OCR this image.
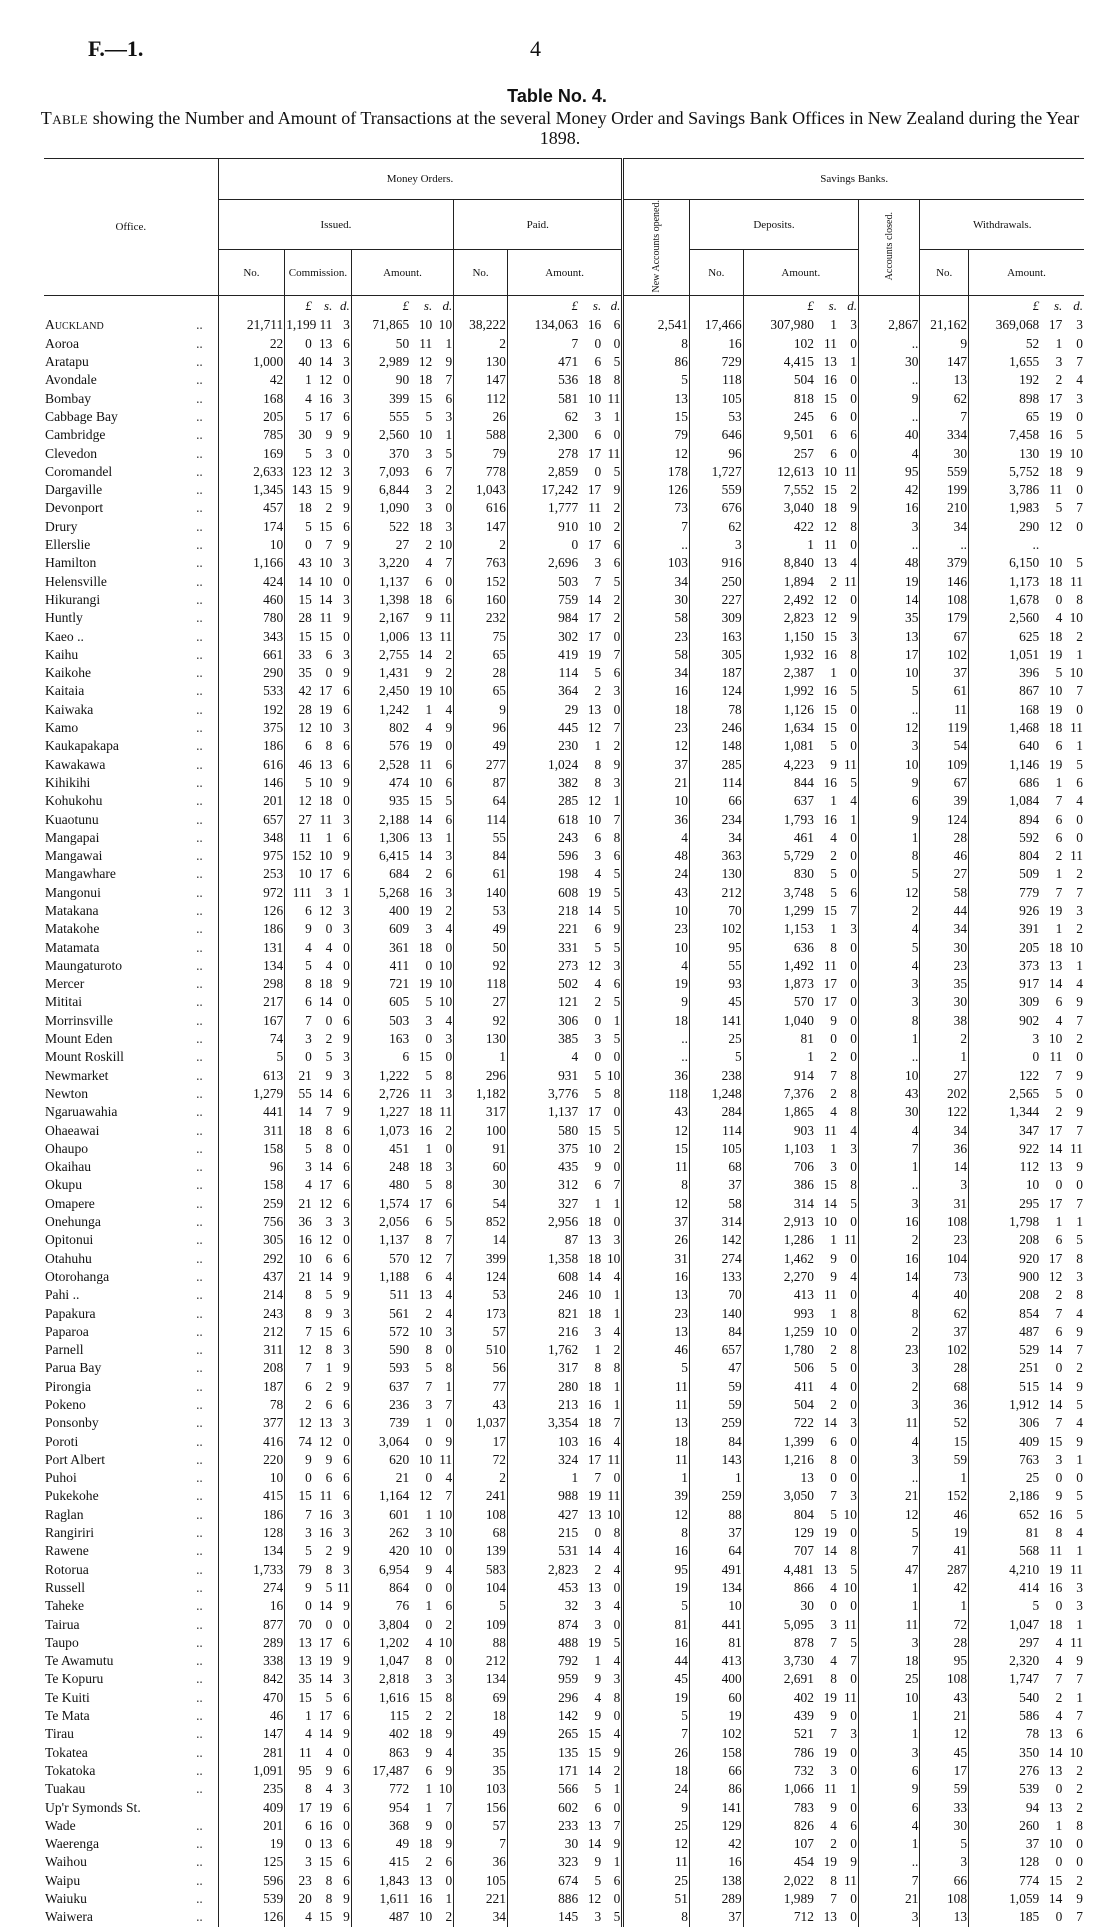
F.—1.	4
Table No. 4.
Table showing the Number and Amount of Transactions at the several Money Order and Savings Bank Offices in New Zealand during the Year 1898.
Office.		Money Orders.											Savings Banks.									
		Issued.							Paid.				New Accounts opened.	Deposits.				Accounts closed.	Withdrawals.			
		No.	Commission.			Amount.			No.	Amount.				No.	Amount.				No.	Amount.		
			£	s.	d.	£	s.	d.		£	s.	d.			£	s.	d.			£	s.	d.
Auckland	..	21,711	1,199	11	3	71,865	10	10	38,222	134,063	16	6	2,541	17,466	307,980	1	3	2,867	21,162	369,068	17	3
Aoroa	..	22	0	13	6	50	11	1	2	7	0	0	8	16	102	11	0	..	9	52	1	0
Aratapu	..	1,000	40	14	3	2,989	12	9	130	471	6	5	86	729	4,415	13	1	30	147	1,655	3	7
Avondale	..	42	1	12	0	90	18	7	147	536	18	8	5	118	504	16	0	..	13	192	2	4
Bombay	..	168	4	16	3	399	15	6	112	581	10	11	13	105	818	15	0	9	62	898	17	3
Cabbage Bay	..	205	5	17	6	555	5	3	26	62	3	1	15	53	245	6	0	..	7	65	19	0
Cambridge	..	785	30	9	9	2,560	10	1	588	2,300	6	0	79	646	9,501	6	6	40	334	7,458	16	5
Clevedon	..	169	5	3	0	370	3	5	79	278	17	11	12	96	257	6	0	4	30	130	19	10
Coromandel	..	2,633	123	12	3	7,093	6	7	778	2,859	0	5	178	1,727	12,613	10	11	95	559	5,752	18	9
Dargaville	..	1,345	143	15	9	6,844	3	2	1,043	17,242	17	9	126	559	7,552	15	2	42	199	3,786	11	0
Devonport	..	457	18	2	9	1,090	3	0	616	1,777	11	2	73	676	3,040	18	9	16	210	1,983	5	7
Drury	..	174	5	15	6	522	18	3	147	910	10	2	7	62	422	12	8	3	34	290	12	0
Ellerslie	..	10	0	7	9	27	2	10	2	0	17	6	..	3	1	11	0	..	..	..		
Hamilton	..	1,166	43	10	3	3,220	4	7	763	2,696	3	6	103	916	8,840	13	4	48	379	6,150	10	5
Helensville	..	424	14	10	0	1,137	6	0	152	503	7	5	34	250	1,894	2	11	19	146	1,173	18	11
Hikurangi	..	460	15	14	3	1,398	18	6	160	759	14	2	30	227	2,492	12	0	14	108	1,678	0	8
Huntly	..	780	28	11	9	2,167	9	11	232	984	17	2	58	309	2,823	12	9	35	179	2,560	4	10
Kaeo ..	..	343	15	15	0	1,006	13	11	75	302	17	0	23	163	1,150	15	3	13	67	625	18	2
Kaihu	..	661	33	6	3	2,755	14	2	65	419	19	7	58	305	1,932	16	8	17	102	1,051	19	1
Kaikohe	..	290	35	0	9	1,431	9	2	28	114	5	6	34	187	2,387	1	0	10	37	396	5	10
Kaitaia	..	533	42	17	6	2,450	19	10	65	364	2	3	16	124	1,992	16	5	5	61	867	10	7
Kaiwaka	..	192	28	19	6	1,242	1	4	9	29	13	0	18	78	1,126	15	0	..	11	168	19	0
Kamo	..	375	12	10	3	802	4	9	96	445	12	7	23	246	1,634	15	0	12	119	1,468	18	11
Kaukapakapa	..	186	6	8	6	576	19	0	49	230	1	2	12	148	1,081	5	0	3	54	640	6	1
Kawakawa	..	616	46	13	6	2,528	11	6	277	1,024	8	9	37	285	4,223	9	11	10	109	1,146	19	5
Kihikihi	..	146	5	10	9	474	10	6	87	382	8	3	21	114	844	16	5	9	67	686	1	6
Kohukohu	..	201	12	18	0	935	15	5	64	285	12	1	10	66	637	1	4	6	39	1,084	7	4
Kuaotunu	..	657	27	11	3	2,188	14	6	114	618	10	7	36	234	1,793	16	1	9	124	894	6	0
Mangapai	..	348	11	1	6	1,306	13	1	55	243	6	8	4	34	461	4	0	1	28	592	6	0
Mangawai	..	975	152	10	9	6,415	14	3	84	596	3	6	48	363	5,729	2	0	8	46	804	2	11
Mangawhare	..	253	10	17	6	684	2	6	61	198	4	5	24	130	830	5	0	5	27	509	1	2
Mangonui	..	972	111	3	1	5,268	16	3	140	608	19	5	43	212	3,748	5	6	12	58	779	7	7
Matakana	..	126	6	12	3	400	19	2	53	218	14	5	10	70	1,299	15	7	2	44	926	19	3
Matakohe	..	186	9	0	3	609	3	4	49	221	6	9	23	102	1,153	1	3	4	34	391	1	2
Matamata	..	131	4	4	0	361	18	0	50	331	5	5	10	95	636	8	0	5	30	205	18	10
Maungaturoto	..	134	5	4	0	411	0	10	92	273	12	3	4	55	1,492	11	0	4	23	373	13	1
Mercer	..	298	8	18	9	721	19	10	118	502	4	6	19	93	1,873	17	0	3	35	917	14	4
Mititai	..	217	6	14	0	605	5	10	27	121	2	5	9	45	570	17	0	3	30	309	6	9
Morrinsville	..	167	7	0	6	503	3	4	92	306	0	1	18	141	1,040	9	0	8	38	902	4	7
Mount Eden	..	74	3	2	9	163	0	3	130	385	3	5	..	25	81	0	0	1	2	3	10	2
Mount Roskill	..	5	0	5	3	6	15	0	1	4	0	0	..	5	1	2	0	..	1	0	11	0
Newmarket	..	613	21	9	3	1,222	5	8	296	931	5	10	36	238	914	7	8	10	27	122	7	9
Newton	..	1,279	55	14	6	2,726	11	3	1,182	3,776	5	8	118	1,248	7,376	2	8	43	202	2,565	5	0
Ngaruawahia	..	441	14	7	9	1,227	18	11	317	1,137	17	0	43	284	1,865	4	8	30	122	1,344	2	9
Ohaeawai	..	311	18	8	6	1,073	16	2	100	580	15	5	12	114	903	11	4	4	34	347	17	7
Ohaupo	..	158	5	8	0	451	1	0	91	375	10	2	15	105	1,103	1	3	7	36	922	14	11
Okaihau	..	96	3	14	6	248	18	3	60	435	9	0	11	68	706	3	0	1	14	112	13	9
Okupu	..	158	4	17	6	480	5	8	30	312	6	7	8	37	386	15	8	..	3	10	0	0
Omapere	..	259	21	12	6	1,574	17	6	54	327	1	1	12	58	314	14	5	3	31	295	17	7
Onehunga	..	756	36	3	3	2,056	6	5	852	2,956	18	0	37	314	2,913	10	0	16	108	1,798	1	1
Opitonui	..	305	16	12	0	1,137	8	7	14	87	13	3	26	142	1,286	1	11	2	23	208	6	5
Otahuhu	..	292	10	6	6	570	12	7	399	1,358	18	10	31	274	1,462	9	0	16	104	920	17	8
Otorohanga	..	437	21	14	9	1,188	6	4	124	608	14	4	16	133	2,270	9	4	14	73	900	12	3
Pahi ..	..	214	8	5	9	511	13	4	53	246	10	1	13	70	413	11	0	4	40	208	2	8
Papakura	..	243	8	9	3	561	2	4	173	821	18	1	23	140	993	1	8	8	62	854	7	4
Paparoa	..	212	7	15	6	572	10	3	57	216	3	4	13	84	1,259	10	0	2	37	487	6	9
Parnell	..	311	12	8	3	590	8	0	510	1,762	1	2	46	657	1,780	2	8	23	102	529	14	7
Parua Bay	..	208	7	1	9	593	5	8	56	317	8	8	5	47	506	5	0	3	28	251	0	2
Pirongia	..	187	6	2	9	637	7	1	77	280	18	1	11	59	411	4	0	2	68	515	14	9
Pokeno	..	78	2	6	6	236	3	7	43	213	16	1	11	59	504	2	0	3	36	1,912	14	5
Ponsonby	..	377	12	13	3	739	1	0	1,037	3,354	18	7	13	259	722	14	3	11	52	306	7	4
Poroti	..	416	74	12	0	3,064	0	9	17	103	16	4	18	84	1,399	6	0	4	15	409	15	9
Port Albert	..	220	9	9	6	620	10	11	72	324	17	11	11	143	1,216	8	0	3	59	763	3	1
Puhoi	..	10	0	6	6	21	0	4	2	1	7	0	1	1	13	0	0	..	1	25	0	0
Pukekohe	..	415	15	11	6	1,164	12	7	241	988	19	11	39	259	3,050	7	3	21	152	2,186	9	5
Raglan	..	186	7	16	3	601	1	10	108	427	13	10	12	88	804	5	10	12	46	652	16	5
Rangiriri	..	128	3	16	3	262	3	10	68	215	0	8	8	37	129	19	0	5	19	81	8	4
Rawene	..	134	5	2	9	420	10	0	139	531	14	4	16	64	707	14	8	7	41	568	11	1
Rotorua	..	1,733	79	8	3	6,954	9	4	583	2,823	2	4	95	491	4,481	13	5	47	287	4,210	19	11
Russell	..	274	9	5	11	864	0	0	104	453	13	0	19	134	866	4	10	1	42	414	16	3
Taheke	..	16	0	14	9	76	1	6	5	32	3	4	5	10	30	0	0	1	1	5	0	3
Tairua	..	877	70	0	0	3,804	0	2	109	874	3	0	81	441	5,095	3	11	11	72	1,047	18	1
Taupo	..	289	13	17	6	1,202	4	10	88	488	19	5	16	81	878	7	5	3	28	297	4	11
Te Awamutu	..	338	13	19	9	1,047	8	0	212	792	1	4	44	413	3,730	4	7	18	95	2,320	4	9
Te Kopuru	..	842	35	14	3	2,818	3	3	134	959	9	3	45	400	2,691	8	0	25	108	1,747	7	7
Te Kuiti	..	470	15	5	6	1,616	15	8	69	296	4	8	19	60	402	19	11	10	43	540	2	1
Te Mata	..	46	1	17	6	115	2	2	18	142	9	0	5	19	439	9	0	1	21	586	4	7
Tirau	..	147	4	14	9	402	18	9	49	265	15	4	7	102	521	7	3	1	12	78	13	6
Tokatea	..	281	11	4	0	863	9	4	35	135	15	9	26	158	786	19	0	3	45	350	14	10
Tokatoka	..	1,091	95	9	6	17,487	6	9	35	171	14	2	18	66	732	3	0	6	17	276	13	2
Tuakau	..	235	8	4	3	772	1	10	103	566	5	1	24	86	1,066	11	1	9	59	539	0	2
Up'r Symonds St.		409	17	19	6	954	1	7	156	602	6	0	9	141	783	9	0	6	33	94	13	2
Wade	..	201	6	16	0	368	9	0	57	233	13	7	25	129	826	4	6	4	30	260	1	8
Waerenga	..	19	0	13	6	49	18	9	7	30	14	9	12	42	107	2	0	1	5	37	10	0
Waihou	..	125	3	15	6	415	2	6	36	323	9	1	11	16	454	19	9	..	3	128	0	0
Waipu	..	596	23	8	6	1,843	13	0	105	674	5	6	25	138	2,022	8	11	7	66	774	15	2
Waiuku	..	539	20	8	9	1,611	16	1	221	886	12	0	51	289	1,989	7	0	21	108	1,059	14	9
Waiwera	..	126	4	15	9	487	10	2	34	145	3	5	8	37	712	13	0	3	13	185	0	7
